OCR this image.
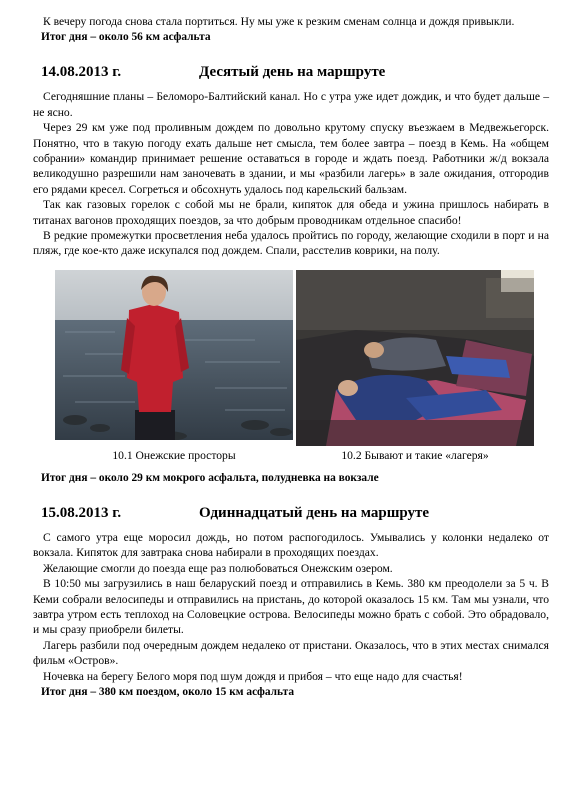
К вечеру погода снова стала портиться. Ну мы уже к резким сменам солнца и дождя привыкли.

Итог дня – около 56 км асфальта
14.08.2013 г.	Десятый день на маршруте

Сегодняшние планы – Беломоро-Балтийский канал. Но с утра уже идет дождик, и что будет дальше – не ясно.

Через 29 км уже под проливным дождем по довольно крутому спуску въезжаем в Медвежьегорск. Понятно, что в такую погоду ехать дальше нет смысла, тем более завтра – поезд в Кемь. На «общем собрании» командир принимает решение оставаться в городе и ждать поезд. Работники ж/д вокзала великодушно разрешили нам заночевать в здании, и мы «разбили лагерь» в зале ожидания, отгородив его рядами кресел. Согреться и обсохнуть удалось под карельский бальзам.

Так как газовых горелок с собой мы не брали, кипяток для обеда и ужина пришлось набирать в титанах вагонов проходящих поездов, за что добрым проводникам отдельное спасибо!

В редкие промежутки просветления неба удалось пройтись по городу, желающие сходили в порт и на пляж, где кое-кто даже искупался под дождем. Спали, расстелив коврики, на полу.

10.1 Онежские просторы	10.2 Бывают и такие «лагеря»
Итог дня – около 29 км мокрого асфальта, полудневка на вокзале
15.08.2013 г.	Одиннадцатый день на маршруте

С самого утра еще моросил дождь, но потом распогодилось. Умывались у колонки недалеко от вокзала. Кипяток для завтрака снова набирали в проходящих поездах.

Желающие смогли до поезда еще раз полюбоваться Онежским озером.

В 10:50 мы загрузились в наш беларуский поезд и отправились в Кемь. 380 км преодолели за 5 ч. В Кеми собрали велосипеды и отправились на пристань, до которой оказалось 15 км. Там мы узнали, что завтра утром есть теплоход на Соловецкие острова. Велосипеды можно брать с собой. Это обрадовало, и мы сразу приобрели билеты.

Лагерь разбили под очередным дождем недалеко от пристани. Оказалось, что в этих местах снимался фильм «Остров».

Ночевка на берегу Белого моря под шум дождя и прибоя – что еще надо для счастья!

Итог дня – 380 км поездом, около 15 км асфальта
